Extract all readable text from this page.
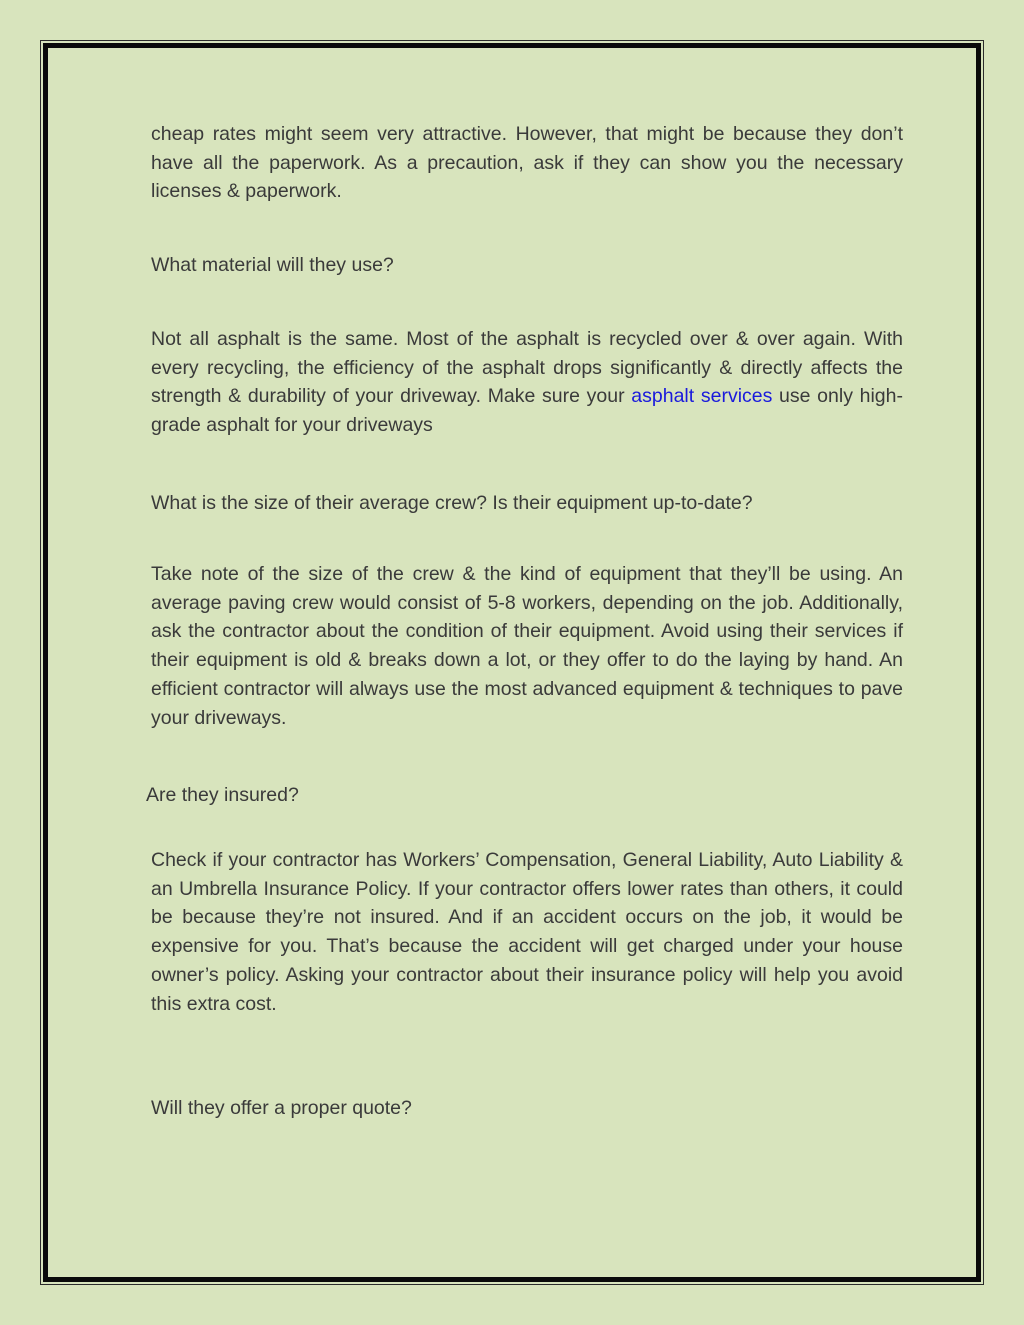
cheap rates might seem very attractive. However, that might be because they don’t have all the paperwork. As a precaution, ask if they can show you the necessary licenses & paperwork.

What material will they use?

Not all asphalt is the same. Most of the asphalt is recycled over & over again. With every recycling, the efficiency of the asphalt drops significantly & directly affects the strength & durability of your driveway. Make sure your asphalt services use only high-grade asphalt for your driveways

What is the size of their average crew? Is their equipment up-to-date?

Take note of the size of the crew & the kind of equipment that they’ll be using. An average paving crew would consist of 5-8 workers, depending on the job. Additionally, ask the contractor about the condition of their equipment. Avoid using their services if their equipment is old & breaks down a lot, or they offer to do the laying by hand. An efficient contractor will always use the most advanced equipment & techniques to pave your driveways.

Are they insured?

Check if your contractor has Workers’ Compensation, General Liability, Auto Liability & an Umbrella Insurance Policy. If your contractor offers lower rates than others, it could be because they’re not insured. And if an accident occurs on the job, it would be expensive for you. That’s because the accident will get charged under your house owner’s policy. Asking your contractor about their insurance policy will help you avoid this extra cost.

Will they offer a proper quote?
